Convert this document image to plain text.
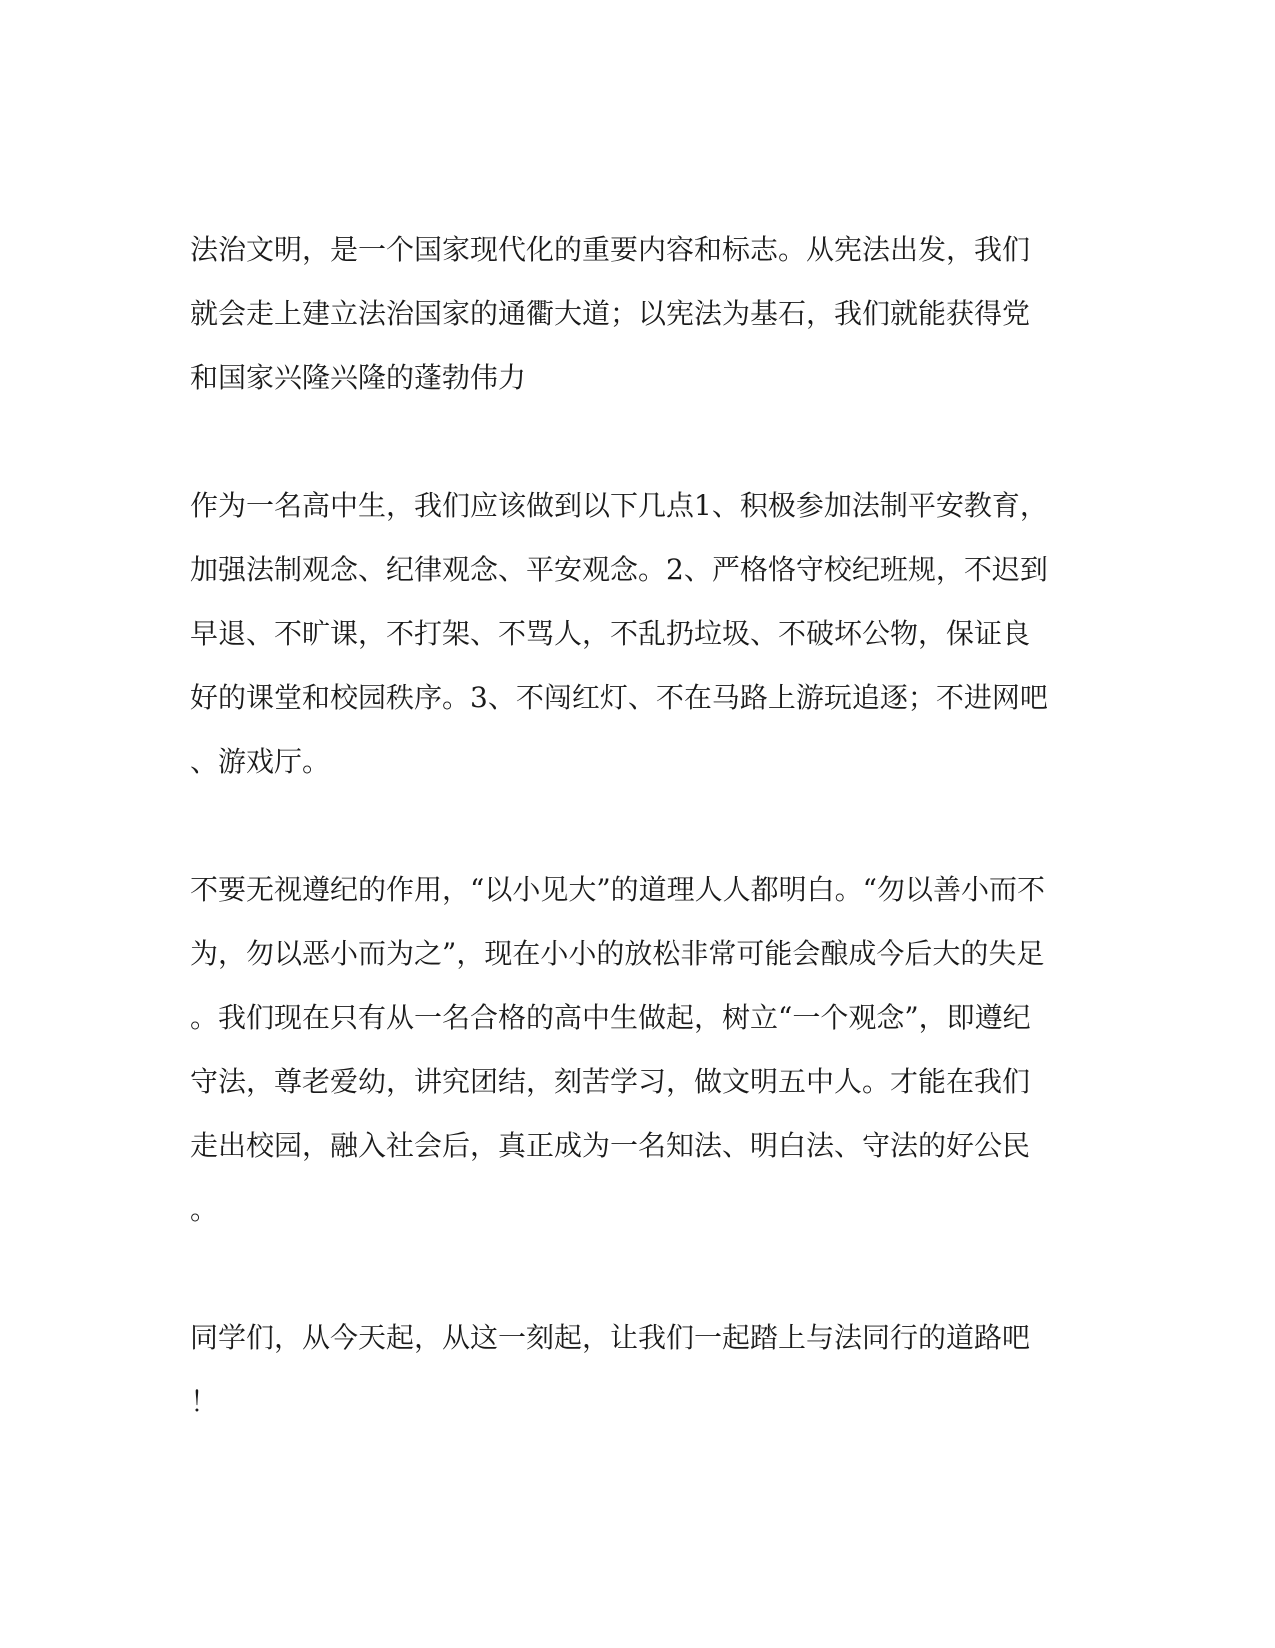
法治文明，是一个国家现代化的重要内容和标志。从宪法出发，我们
就会走上建立法治国家的通衢大道；以宪法为基石，我们就能获得党
和国家兴隆兴隆的蓬勃伟力
作为一名高中生，我们应该做到以下几点1、积极参加法制平安教育，
加强法制观念、纪律观念、平安观念。2、严格恪守校纪班规，不迟到
早退、不旷课，不打架、不骂人，不乱扔垃圾、不破坏公物，保证良
好的课堂和校园秩序。3、不闯红灯、不在马路上游玩追逐；不进网吧
、游戏厅。
不要无视遵纪的作用，“以小见大”的道理人人都明白。“勿以善小而不
为，勿以恶小而为之”，现在小小的放松非常可能会酿成今后大的失足
。我们现在只有从一名合格的高中生做起，树立“一个观念”，即遵纪
守法，尊老爱幼，讲究团结，刻苦学习，做文明五中人。才能在我们
走出校园，融入社会后，真正成为一名知法、明白法、守法的好公民
。
同学们，从今天起，从这一刻起，让我们一起踏上与法同行的道路吧
！
